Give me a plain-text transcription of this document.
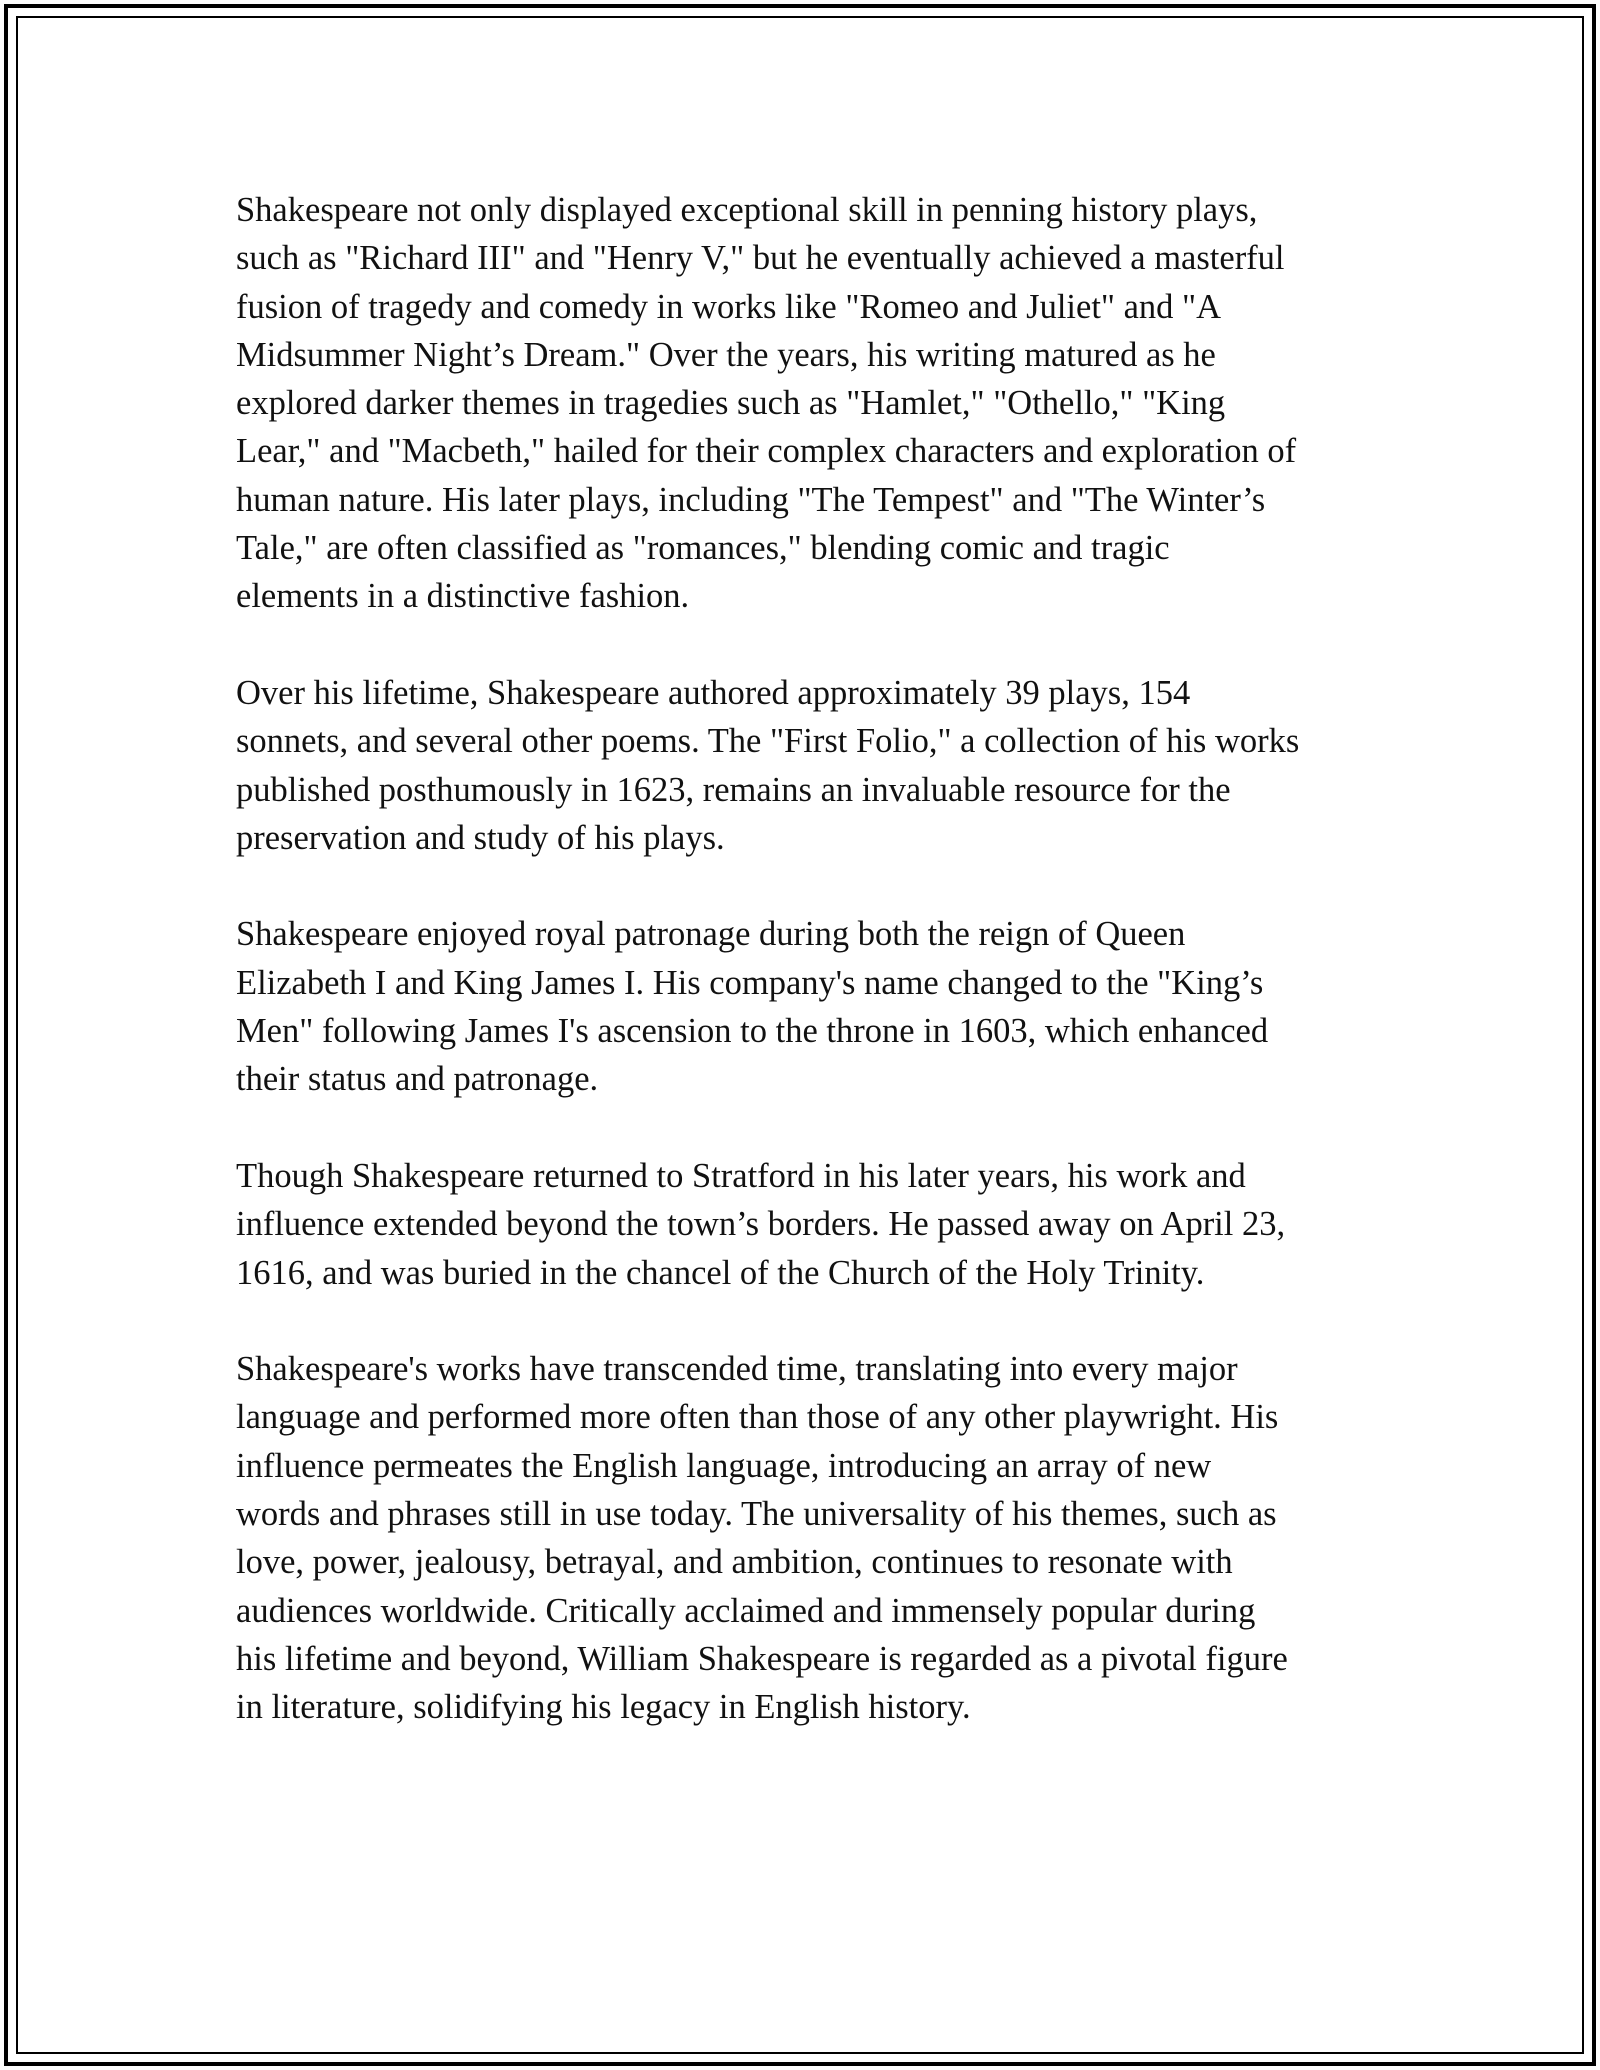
Shakespeare not only displayed exceptional skill in penning history plays,
such as "Richard III" and "Henry V," but he eventually achieved a masterful
fusion of tragedy and comedy in works like "Romeo and Juliet" and "A
Midsummer Night’s Dream." Over the years, his writing matured as he
explored darker themes in tragedies such as "Hamlet," "Othello," "King
Lear," and "Macbeth," hailed for their complex characters and exploration of
human nature. His later plays, including "The Tempest" and "The Winter’s
Tale," are often classified as "romances," blending comic and tragic
elements in a distinctive fashion.

Over his lifetime, Shakespeare authored approximately 39 plays, 154
sonnets, and several other poems. The "First Folio," a collection of his works
published posthumously in 1623, remains an invaluable resource for the
preservation and study of his plays.

Shakespeare enjoyed royal patronage during both the reign of Queen
Elizabeth I and King James I. His company's name changed to the "King’s
Men" following James I's ascension to the throne in 1603, which enhanced
their status and patronage.

Though Shakespeare returned to Stratford in his later years, his work and
influence extended beyond the town’s borders. He passed away on April 23,
1616, and was buried in the chancel of the Church of the Holy Trinity.

Shakespeare's works have transcended time, translating into every major
language and performed more often than those of any other playwright. His
influence permeates the English language, introducing an array of new
words and phrases still in use today. The universality of his themes, such as
love, power, jealousy, betrayal, and ambition, continues to resonate with
audiences worldwide. Critically acclaimed and immensely popular during
his lifetime and beyond, William Shakespeare is regarded as a pivotal figure
in literature, solidifying his legacy in English history.
